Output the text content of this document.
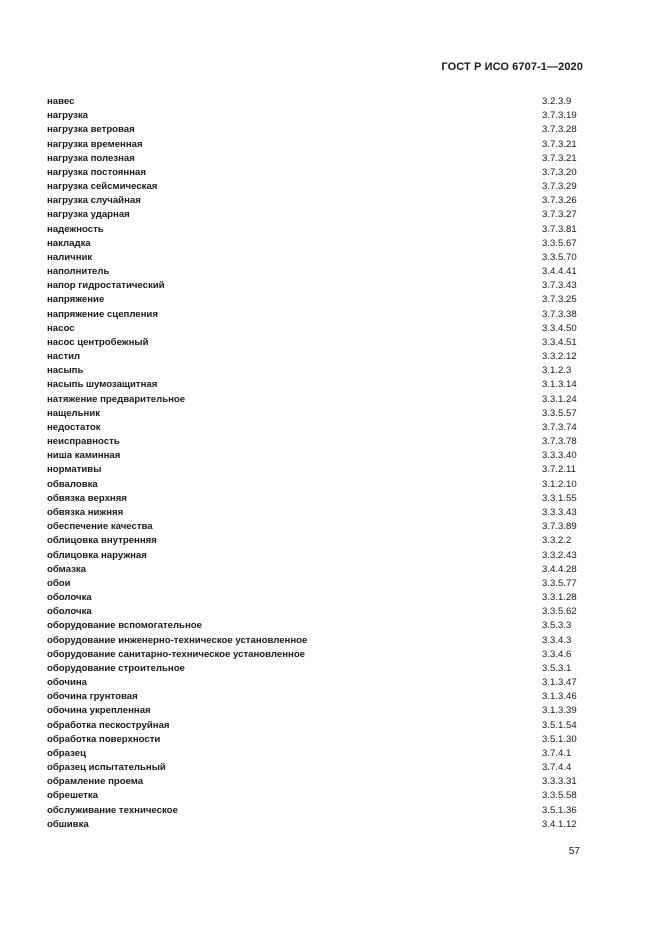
ГОСТ Р ИСО 6707-1—2020
навес	3.2.3.9
нагрузка	3.7.3.19
нагрузка ветровая	3.7.3.28
нагрузка временная	3.7.3.21
нагрузка полезная	3.7.3.21
нагрузка постоянная	3.7.3.20
нагрузка сейсмическая	3.7.3.29
нагрузка случайная	3.7.3.26
нагрузка ударная	3.7.3.27
надежность	3.7.3.81
накладка	3.3.5.67
наличник	3.3.5.70
наполнитель	3.4.4.41
напор гидростатический	3.7.3.43
напряжение	3.7.3.25
напряжение сцепления	3.7.3.38
насос	3.3.4.50
насос центробежный	3.3.4.51
настил	3.3.2.12
насыпь	3.1.2.3
насыпь шумозащитная	3.1.3.14
натяжение предварительное	3.3.1.24
нащельник	3.3.5.57
недостаток	3.7.3.74
неисправность	3.7.3.78
ниша каминная	3.3.3.40
нормативы	3.7.2.11
обваловка	3.1.2.10
обвязка верхняя	3.3.1.55
обвязка нижняя	3.3.3.43
обеспечение качества	3.7.3.89
облицовка внутренняя	3.3.2.2
облицовка наружная	3.3.2.43
обмазка	3.4.4.28
обои	3.3.5.77
оболочка	3.3.1.28
оболочка	3.3.5.62
оборудование вспомогательное	3.5.3.3
оборудование инженерно-техническое установленное	3.3.4.3
оборудование санитарно-техническое установленное	3.3.4.6
оборудование строительное	3.5.3.1
обочина	3.1.3.47
обочина грунтовая	3.1.3.46
обочина укрепленная	3.1.3.39
обработка пескоструйная	3.5.1.54
обработка поверхности	3.5.1.30
образец	3.7.4.1
образец испытательный	3.7.4.4
обрамление проема	3.3.3.31
обрешетка	3.3.5.58
обслуживание техническое	3.5.1.36
обшивка	3.4.1.12
57
